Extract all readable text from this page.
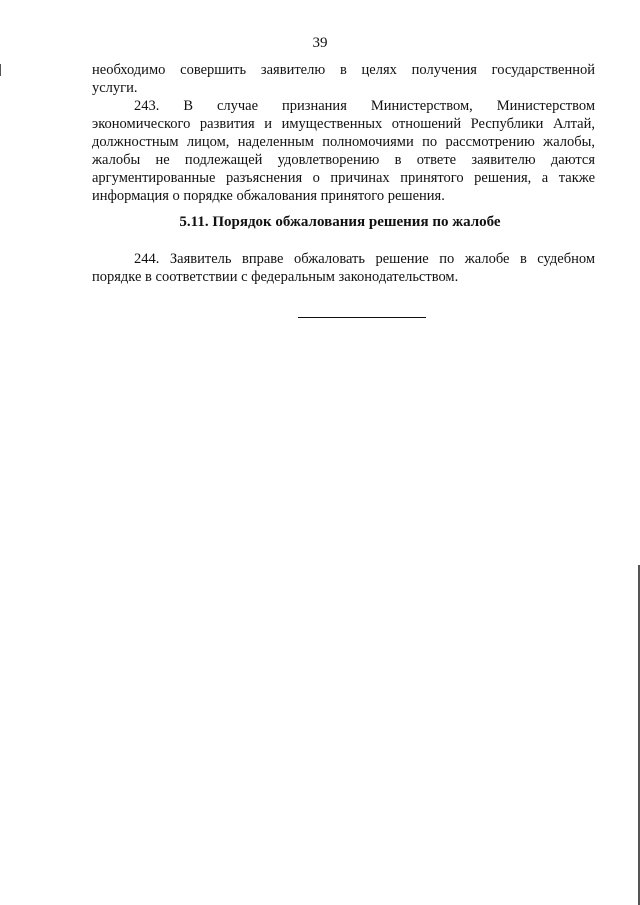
39
необходимо совершить заявителю в целях получения государственной
услуги.
243. В случае признания Министерством, Министерством
экономического развития и имущественных отношений Республики Алтай,
должностным лицом, наделенным полномочиями по рассмотрению жалобы,
жалобы не подлежащей удовлетворению в ответе заявителю даются
аргументированные разъяснения о причинах принятого решения, а также
информация о порядке обжалования принятого решения.
5.11. Порядок обжалования решения по жалобе
244. Заявитель вправе обжаловать решение по жалобе в судебном
порядке в соответствии с федеральным законодательством.
